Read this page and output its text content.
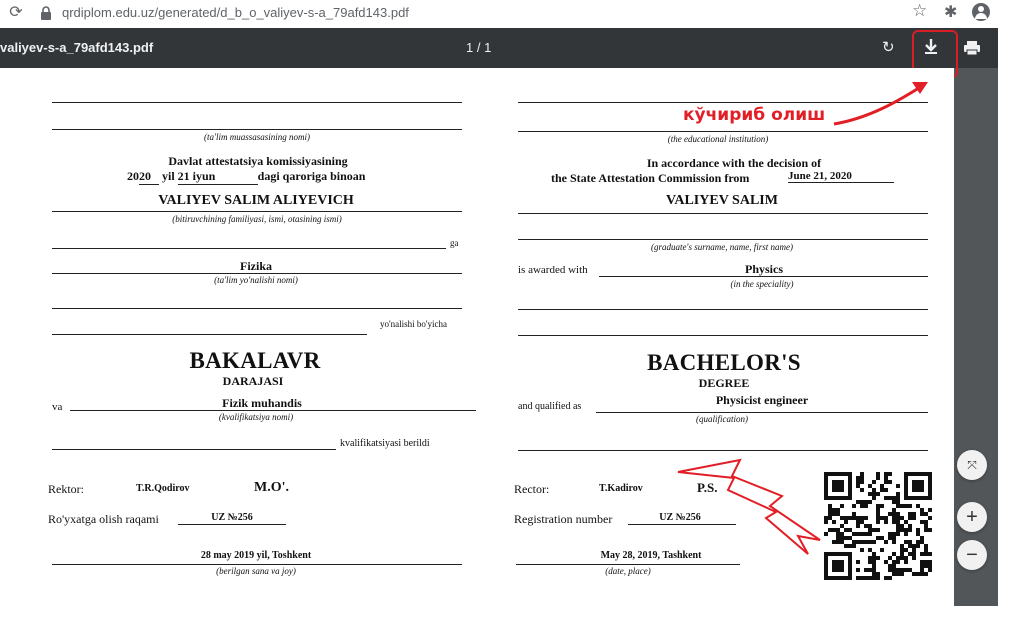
⟳	qrdiplom.edu.uz/generated/d_b_o_valiyev-s-a_79afd143.pdf	☆ ✱
valiyev-s-a_79afd143.pdf	1 / 1	↻
(ta'lim muassasasining nomi)
Davlat attestatsiya komissiyasining
2020 yil 21 iyun	dagi qaroriga binoan
VALIYEV SALIM ALIYEVICH
(bitiruvchining familiyasi, ismi, otasining ismi)
ga
Fizika
(ta'lim yo'nalishi nomi)
yo'nalishi bo'yicha
BAKALAVR
DARAJASI
va	Fizik muhandis
(kvalifikatsiya nomi)
kvalifikatsiyasi berildi
Rektor:	T.R.Qodirov	M.O'.
Ro'yxatga olish raqami	UZ №256
28 may 2019 yil, Toshkent
(berilgan sana va joy)
(the educational institution)
In accordance with the decision of
the State Attestation Commission from	June 21, 2020
VALIYEV SALIM
(graduate's surname, name, first name)
is awarded with	Physics
(in the speciality)
BACHELOR'S
DEGREE
and qualified as	Physicist engineer
(qualification)
Rector:	T.Kadirov	P.S.
Registration number	UZ №256
May 28, 2019, Tashkent
(date, place)
⤧
+
−
кўчириб олиш
